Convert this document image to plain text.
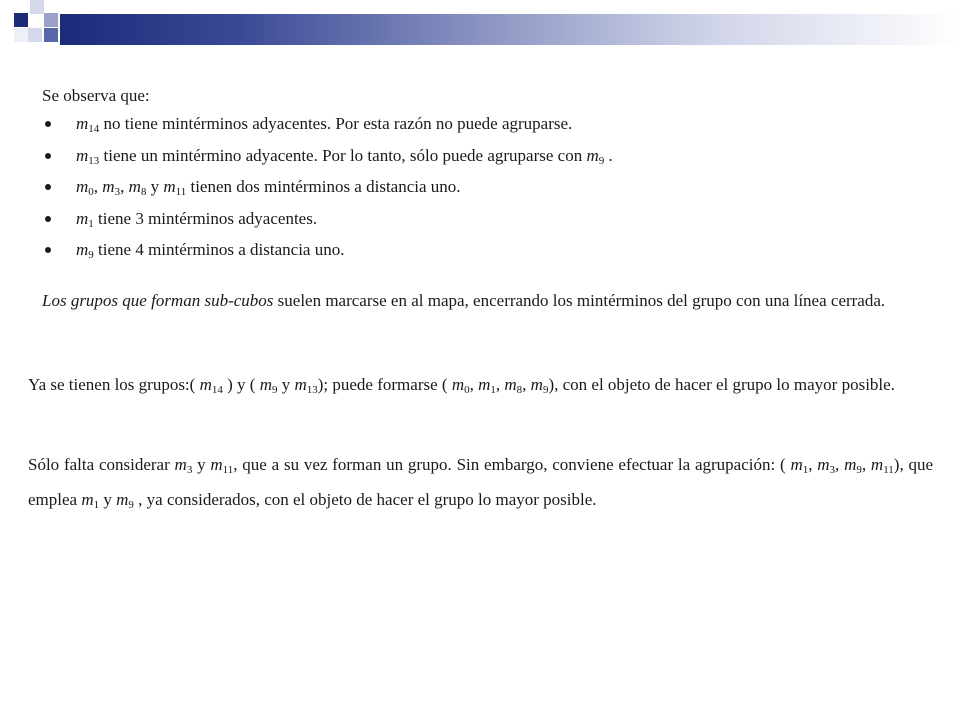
Se observa que:

$m_{14}$ no tiene mintérminos adyacentes. Por esta razón no puede agruparse.
$m_{13}$ tiene un mintérmino adyacente. Por lo tanto, sólo puede agruparse con $m_9$ .
$m_0$, $m_3$, $m_8$ y $m_{11}$ tienen dos mintérminos a distancia uno.
$m_1$ tiene 3 mintérminos adyacentes.
$m_9$ tiene 4 mintérminos a distancia uno.

Los grupos que forman sub-cubos suelen marcarse en al mapa, encerrando los mintérminos del grupo con una línea cerrada.

Ya se tienen los grupos:( $m_{14}$ ) y ( $m_9$ y $m_{13}$); puede formarse ( $m_0$, $m_1$, $m_8$, $m_9$), con el objeto de hacer el grupo lo mayor posible.

Sólo falta considerar $m_3$ y $m_{11}$, que a su vez forman un grupo. Sin embargo, conviene efectuar la agrupación: ( $m_1$, $m_3$, $m_9$, $m_{11}$), que emplea $m_1$ y $m_9$ , ya considerados, con el objeto de hacer el grupo lo mayor posible.
